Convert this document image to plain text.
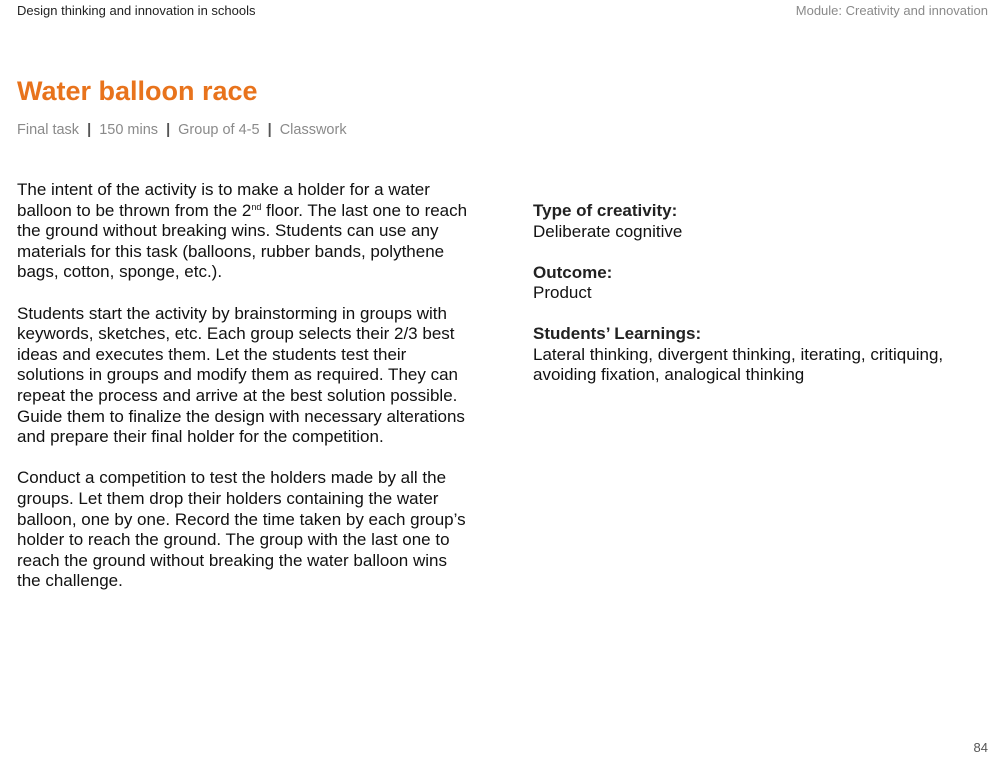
Design thinking and innovation in schools	Module: Creativity and innovation
Water balloon race
Final task | 150 mins | Group of 4-5 | Classwork

The intent of the activity is to make a holder for a water balloon to be thrown from the 2nd floor. The last one to reach the ground without breaking wins. Students can use any materials for this task (balloons, rubber bands, polythene bags, cotton, sponge, etc.).

Students start the activity by brainstorming in groups with keywords, sketches, etc. Each group selects their 2/3 best ideas and executes them. Let the students test their solutions in groups and modify them as required. They can repeat the process and arrive at the best solution possible. Guide them to finalize the design with necessary alterations and prepare their final holder for the competition.

Conduct a competition to test the holders made by all the groups. Let them drop their holders containing the water balloon, one by one. Record the time taken by each group’s holder to reach the ground. The group with the last one to reach the ground without breaking the water balloon wins the challenge.

Type of creativity:
Deliberate cognitive
Outcome:
Product
Students’ Learnings:
Lateral thinking, divergent thinking, iterating, critiquing, avoiding fixation, analogical thinking
84
